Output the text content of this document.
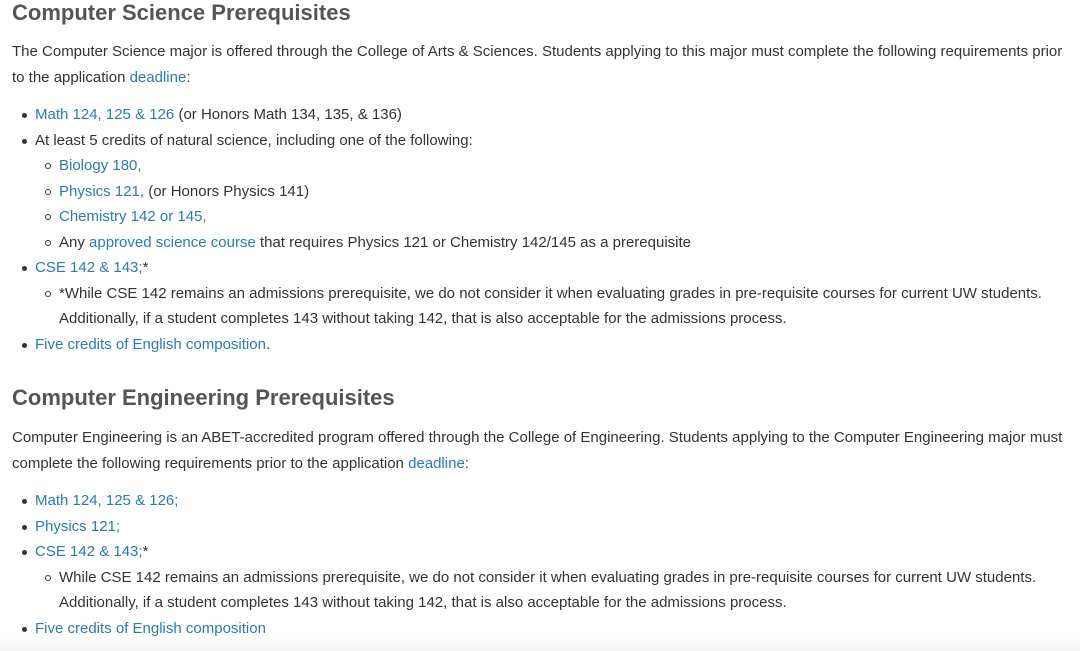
Computer Science Prerequisites

The Computer Science major is offered through the College of Arts & Sciences. Students applying to this major must complete the following requirements prior to the application deadline:

Math 124, 125 & 126 (or Honors Math 134, 135, & 136)
At least 5 credits of natural science, including one of the following:
Biology 180,
Physics 121, (or Honors Physics 141)
Chemistry 142 or 145,
Any approved science course that requires Physics 121 or Chemistry 142/145 as a prerequisite
CSE 142 & 143;*
*While CSE 142 remains an admissions prerequisite, we do not consider it when evaluating grades in pre-requisite courses for current UW students. Additionally, if a student completes 143 without taking 142, that is also acceptable for the admissions process.
Five credits of English composition.
Computer Engineering Prerequisites

Computer Engineering is an ABET-accredited program offered through the College of Engineering. Students applying to the Computer Engineering major must complete the following requirements prior to the application deadline:

Math 124, 125 & 126;
Physics 121;
CSE 142 & 143;*
While CSE 142 remains an admissions prerequisite, we do not consider it when evaluating grades in pre-requisite courses for current UW students. Additionally, if a student completes 143 without taking 142, that is also acceptable for the admissions process.
Five credits of English composition
